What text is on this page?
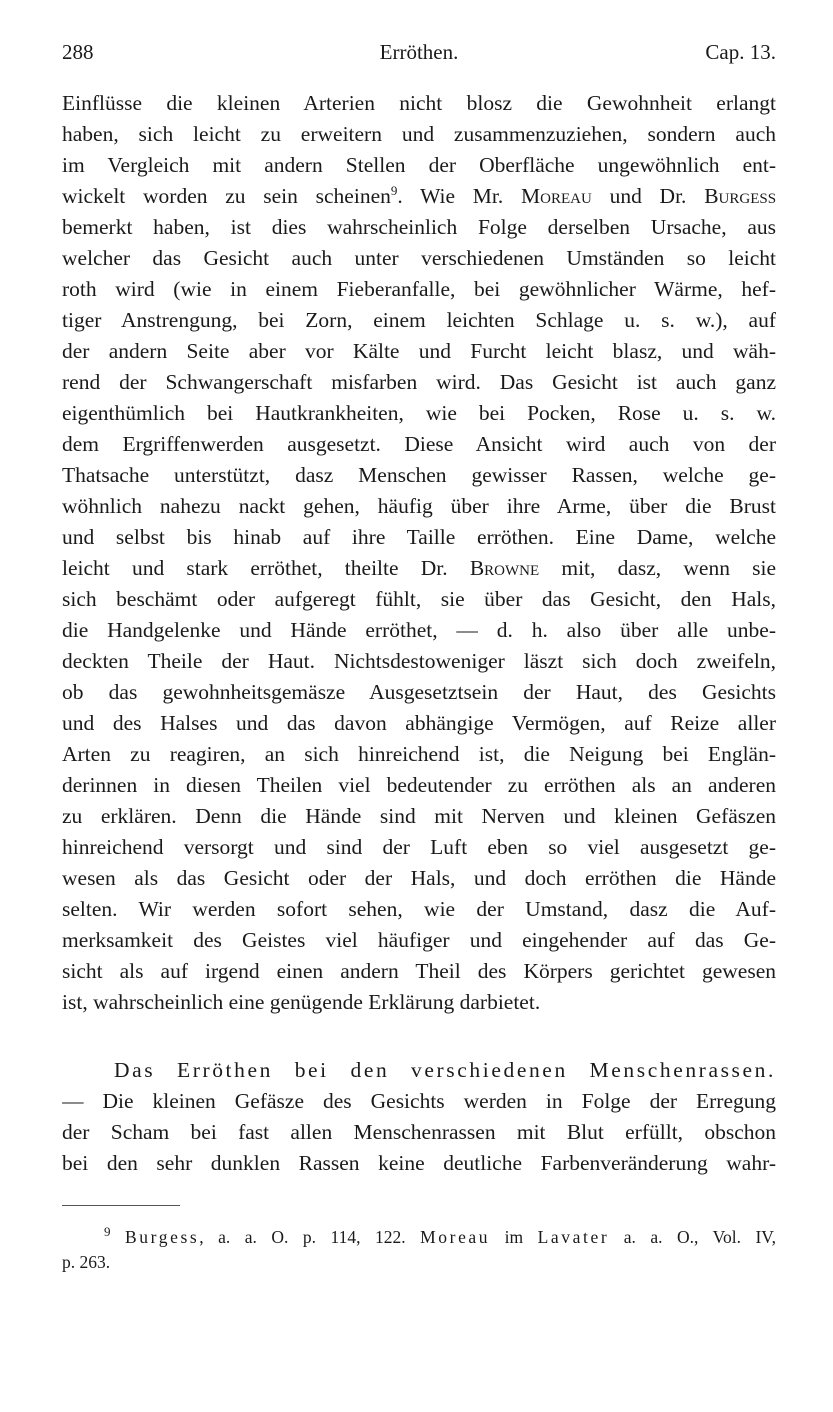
288	Erröthen.	Cap. 13.
Einflüsse die kleinen Arterien nicht blosz die Gewohnheit erlangt
haben, sich leicht zu erweitern und zusammenzuziehen, sondern auch
im Vergleich mit andern Stellen der Oberfläche ungewöhnlich ent-
wickelt worden zu sein scheinen$^9$. Wie Mr. Moreau und Dr. Burgess
bemerkt haben, ist dies wahrscheinlich Folge derselben Ursache, aus
welcher das Gesicht auch unter verschiedenen Umständen so leicht
roth wird (wie in einem Fieberanfalle, bei gewöhnlicher Wärme, hef-
tiger Anstrengung, bei Zorn, einem leichten Schlage u. s. w.), auf
der andern Seite aber vor Kälte und Furcht leicht blasz, und wäh-
rend der Schwangerschaft misfarben wird. Das Gesicht ist auch ganz
eigenthümlich bei Hautkrankheiten, wie bei Pocken, Rose u. s. w.
dem Ergriffenwerden ausgesetzt. Diese Ansicht wird auch von der
Thatsache unterstützt, dasz Menschen gewisser Rassen, welche ge-
wöhnlich nahezu nackt gehen, häufig über ihre Arme, über die Brust
und selbst bis hinab auf ihre Taille erröthen. Eine Dame, welche
leicht und stark erröthet, theilte Dr. Browne mit, dasz, wenn sie
sich beschämt oder aufgeregt fühlt, sie über das Gesicht, den Hals,
die Handgelenke und Hände erröthet, — d. h. also über alle unbe-
deckten Theile der Haut. Nichtsdestoweniger läszt sich doch zweifeln,
ob das gewohnheitsgemäsze Ausgesetztsein der Haut, des Gesichts
und des Halses und das davon abhängige Vermögen, auf Reize aller
Arten zu reagiren, an sich hinreichend ist, die Neigung bei Englän-
derinnen in diesen Theilen viel bedeutender zu erröthen als an anderen
zu erklären. Denn die Hände sind mit Nerven und kleinen Gefäszen
hinreichend versorgt und sind der Luft eben so viel ausgesetzt ge-
wesen als das Gesicht oder der Hals, und doch erröthen die Hände
selten. Wir werden sofort sehen, wie der Umstand, dasz die Auf-
merksamkeit des Geistes viel häufiger und eingehender auf das Ge-
sicht als auf irgend einen andern Theil des Körpers gerichtet gewesen
ist, wahrscheinlich eine genügende Erklärung darbietet.
Das Erröthen bei den verschiedenen Menschenrassen.
— Die kleinen Gefäsze des Gesichts werden in Folge der Erregung
der Scham bei fast allen Menschenrassen mit Blut erfüllt, obschon
bei den sehr dunklen Rassen keine deutliche Farbenveränderung wahr-
$^9$ Burgess, a. a. O. p. 114, 122. Moreau im Lavater a. a. O., Vol. IV,
p. 263.
